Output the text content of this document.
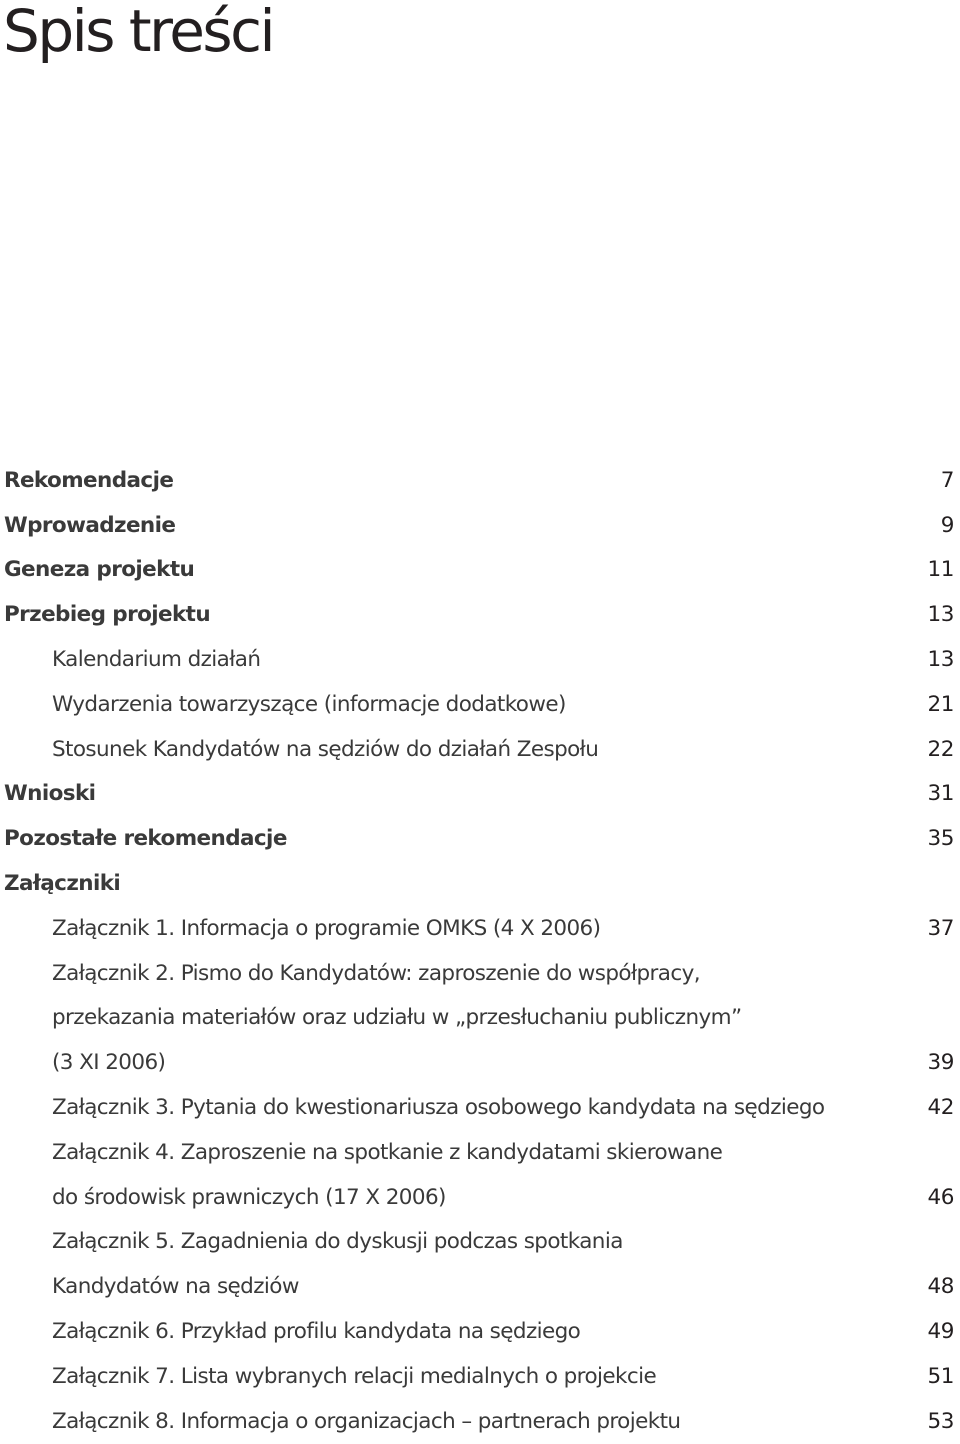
Spis treści
Rekomendacje	7
Wprowadzenie	9
Geneza projektu	11
Przebieg projektu	13
Kalendarium działań	13
Wydarzenia towarzyszące (informacje dodatkowe)	21
Stosunek Kandydatów na sędziów do działań Zespołu	22
Wnioski	31
Pozostałe rekomendacje	35
Załączniki
Załącznik 1. Informacja o programie OMKS (4 X 2006)	37
Załącznik 2. Pismo do Kandydatów: zaproszenie do współpracy,
przekazania materiałów oraz udziału w „przesłuchaniu publicznym”
(3 XI 2006)	39
Załącznik 3. Pytania do kwestionariusza osobowego kandydata na sędziego	42
Załącznik 4. Zaproszenie na spotkanie z kandydatami skierowane
do środowisk prawniczych (17 X 2006)	46
Załącznik 5. Zagadnienia do dyskusji podczas spotkania
Kandydatów na sędziów	48
Załącznik 6. Przykład profilu kandydata na sędziego	49
Załącznik 7. Lista wybranych relacji medialnych o projekcie	51
Załącznik 8. Informacja o organizacjach – partnerach projektu	53
